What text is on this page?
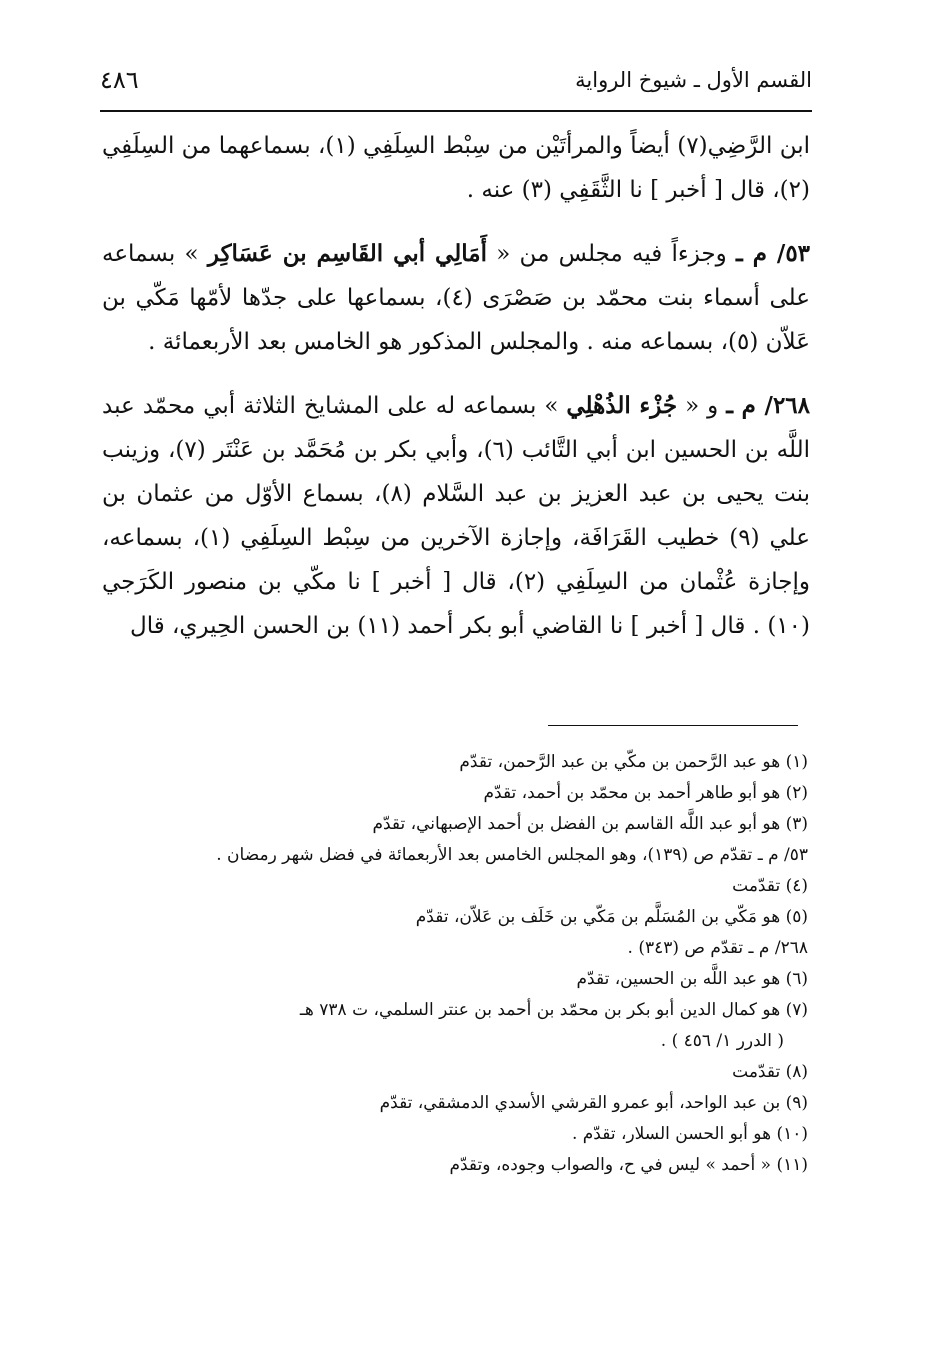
القسم الأول ـ شيوخ الرواية
٤٨٦

ابن الرَّضِي(٧) أيضاً والمرأتَيْن من سِبْط السِلَفِي (١)، بسماعهما من السِلَفِي (٢)، قال [ أخبر ] نا الثَّقَفِي (٣) عنه .

٥٣/ م ـ وجزءاً فيه مجلس من « أَمَالِي أبي القَاسِم بن عَسَاكِر » بسماعه على أسماء بنت محمّد بن صَصْرَى (٤)، بسماعها على جدّها لأمّها مَكّي بن عَلاّن (٥)، بسماعه منه . والمجلس المذكور هو الخامس بعد الأربعمائة .

٢٦٨/ م ـ و « جُزْء الذُهْلِي » بسماعه له على المشايخ الثلاثة أبي محمّد عبد اللَّه بن الحسين ابن أبي التَّائب (٦)، وأبي بكر بن مُحَمَّد بن عَنْتَر (٧)، وزينب بنت يحيى بن عبد العزيز بن عبد السَّلام (٨)، بسماع الأوّل من عثمان بن علي (٩) خطيب القَرَافَة، وإجازة الآخرين من سِبْط السِلَفِي (١)، بسماعه، وإجازة عُثْمان من السِلَفِي (٢)، قال [ أخبر ] نا مكّي بن منصور الكَرَجي (١٠) . قال [ أخبر ] نا القاضي أبو بكر أحمد (١١) بن الحسن الحِيري، قال

(١) هو عبد الرَّحمن بن مكّي بن عبد الرَّحمن، تقدّم
(٢) هو أبو طاهر أحمد بن محمّد بن أحمد، تقدّم
(٣) هو أبو عبد اللَّه القاسم بن الفضل بن أحمد الإصبهاني، تقدّم
٥٣/ م ـ تقدّم ص (١٣٩)، وهو المجلس الخامس بعد الأربعمائة في فضل شهر رمضان .
(٤) تقدّمت
(٥) هو مَكّي بن المُسَلَّم بن مَكّي بن خَلَف بن عَلاّن، تقدّم
٢٦٨/ م ـ تقدّم ص (٣٤٣) .
(٦) هو عبد اللَّه بن الحسين، تقدّم
(٧) هو كمال الدين أبو بكر بن محمّد بن أحمد بن عنتر السلمي، ت ٧٣٨ هـ
( الدرر ١/ ٤٥٦ ) .
(٨) تقدّمت
(٩) بن عبد الواحد، أبو عمرو القرشي الأسدي الدمشقي، تقدّم
(١٠) هو أبو الحسن السلار، تقدّم .
(١١) « أحمد » ليس في ح، والصواب وجوده، وتقدّم
